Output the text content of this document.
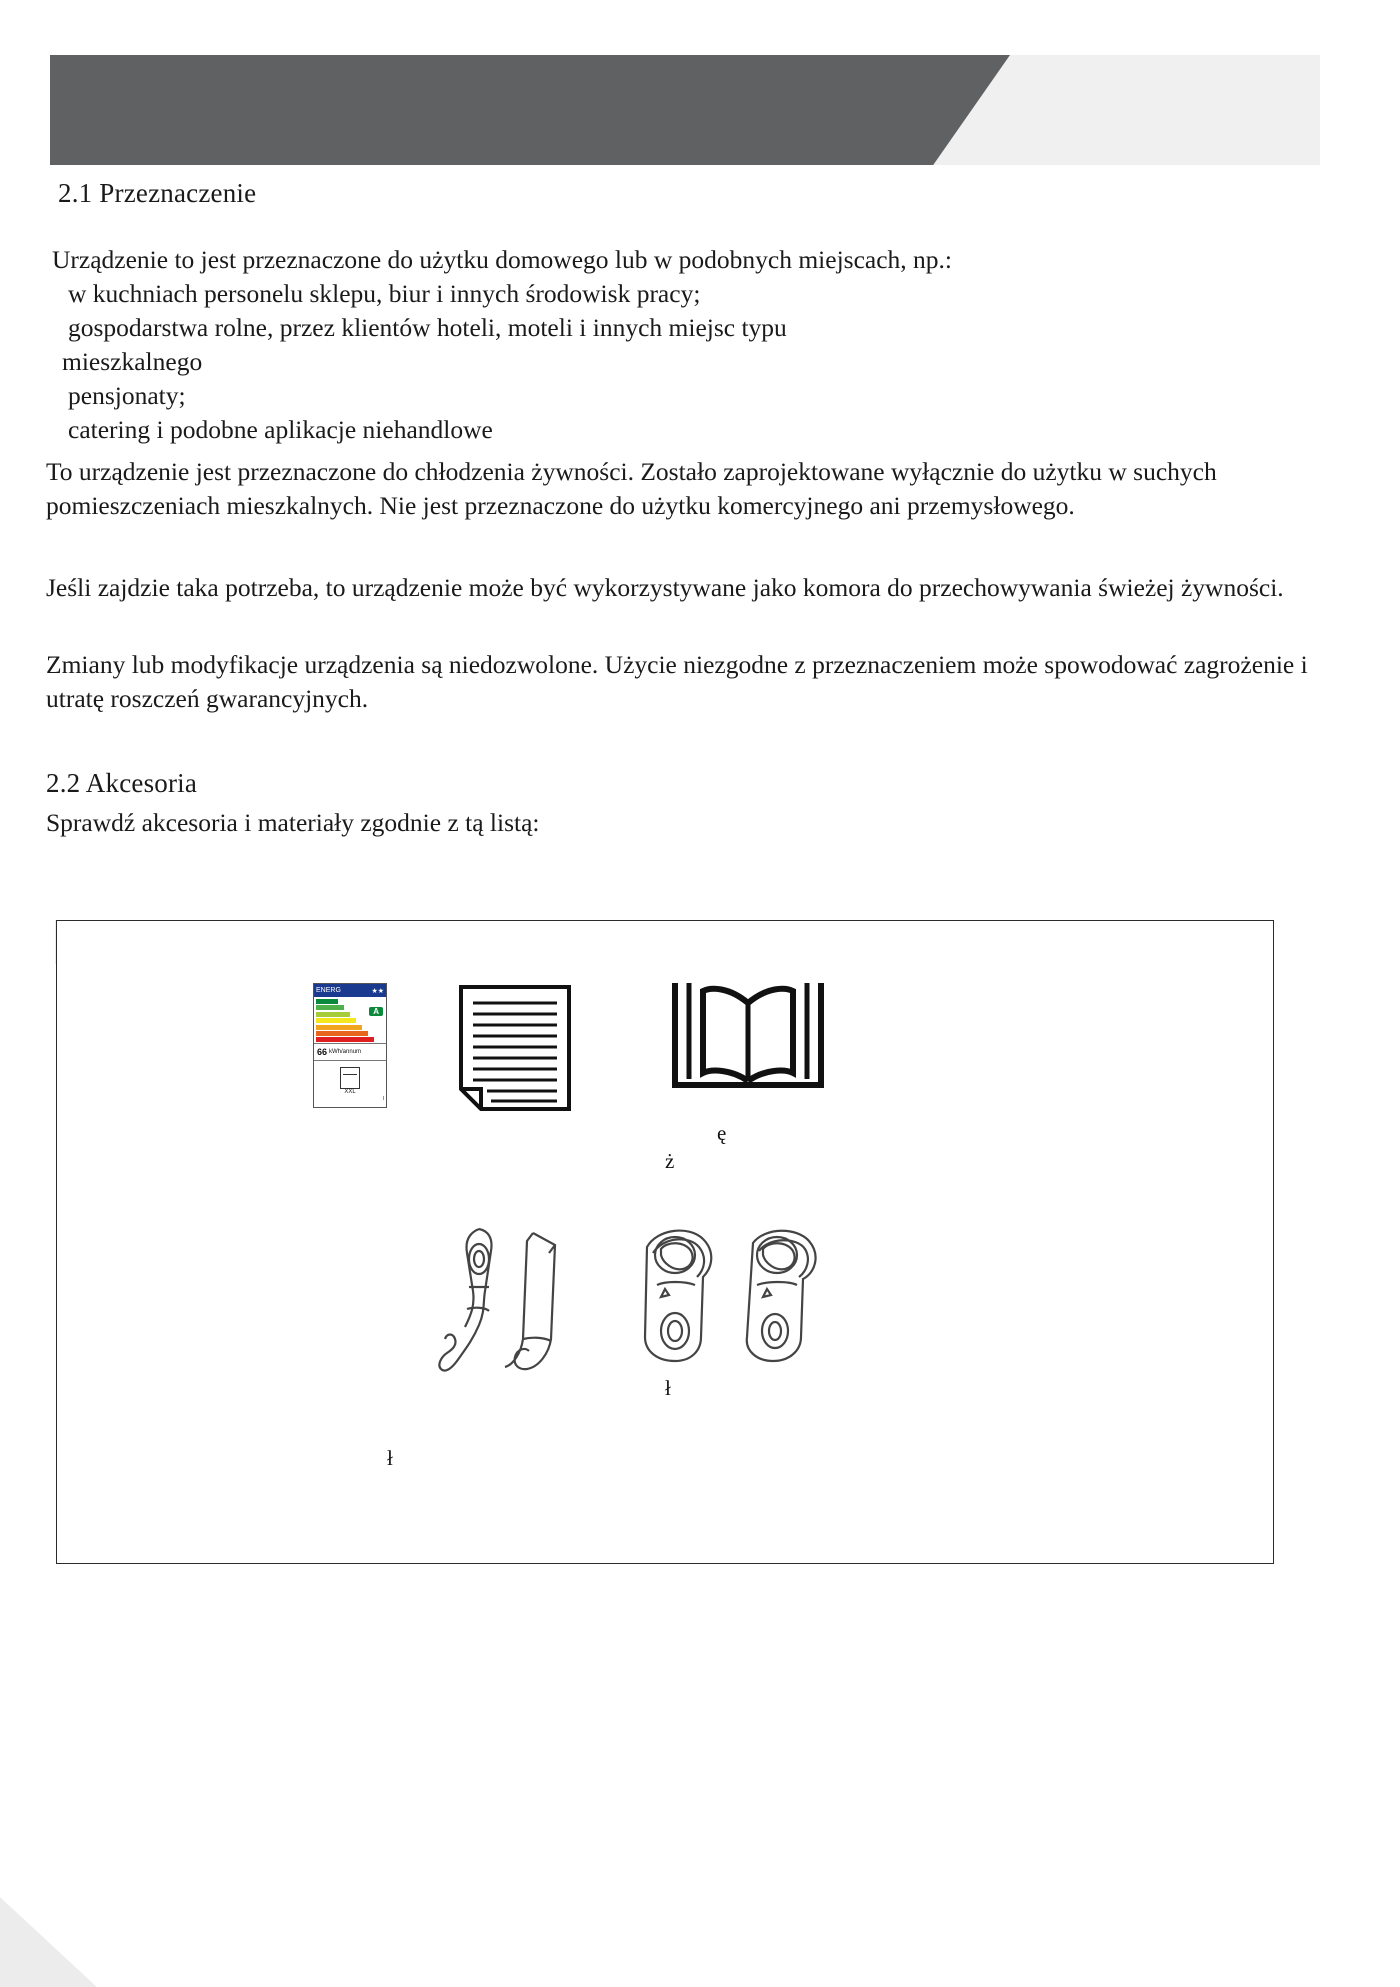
2.1 Przeznaczenie

Urządzenie to jest przeznaczone do użytku domowego lub w podobnych miejscach, np.:

w kuchniach personelu sklepu, biur i innych środowisk pracy;

gospodarstwa rolne, przez klientów hoteli, moteli i innych miejsc typu

mieszkalnego

pensjonaty;

catering i podobne aplikacje niehandlowe

To urządzenie jest przeznaczone do chłodzenia żywności. Zostało zaprojektowane wyłącznie do użytku w suchych pomieszczeniach mieszkalnych. Nie jest przeznaczone do użytku komercyjnego ani przemysłowego.

Jeśli zajdzie taka potrzeba, to urządzenie może być wykorzystywane jako komora do przechowywania świeżej żywności.

Zmiany lub modyfikacje urządzenia są niedozwolone. Użycie niezgodne z przeznaczeniem może spowodować zagrożenie i utratę roszczeń gwarancyjnych.

2.2 Akcesoria

Sprawdź akcesoria i materiały zgodnie z tą listą:

ENERG	★★
A
66 kWh/annum
XXL
I
ę
ż
ł
ł
